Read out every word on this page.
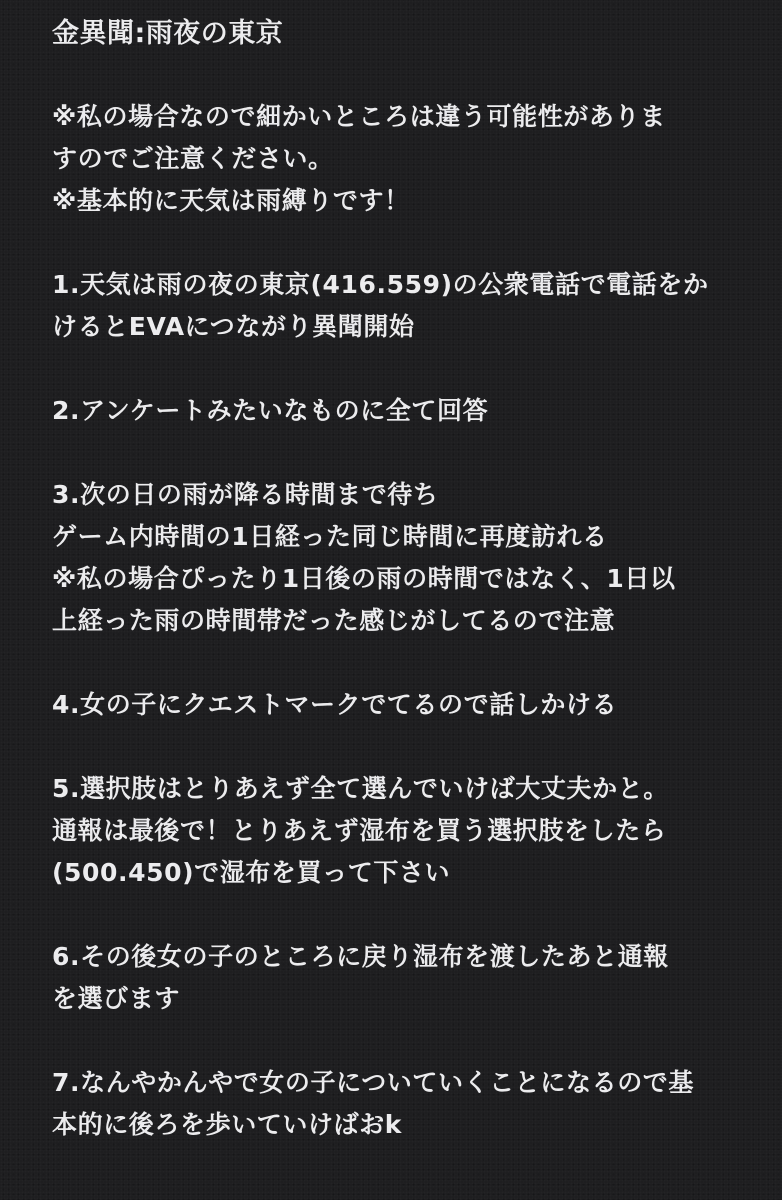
金異聞:雨夜の東京
※私の場合なので細かいところは違う可能性がありま
すのでご注意ください。
※基本的に天気は雨縛りです！
1.天気は雨の夜の東京(416.559)の公衆電話で電話をか
けるとEVAにつながり異聞開始
2.アンケートみたいなものに全て回答
3.次の日の雨が降る時間まで待ち
ゲーム内時間の1日経った同じ時間に再度訪れる
※私の場合ぴったり1日後の雨の時間ではなく、1日以
上経った雨の時間帯だった感じがしてるので注意
4.女の子にクエストマークでてるので話しかける
5.選択肢はとりあえず全て選んでいけば大丈夫かと。
通報は最後で！とりあえず湿布を買う選択肢をしたら
(500.450)で湿布を買って下さい
6.その後女の子のところに戻り湿布を渡したあと通報
を選びます
7.なんやかんやで女の子についていくことになるので基
本的に後ろを歩いていけばおk
